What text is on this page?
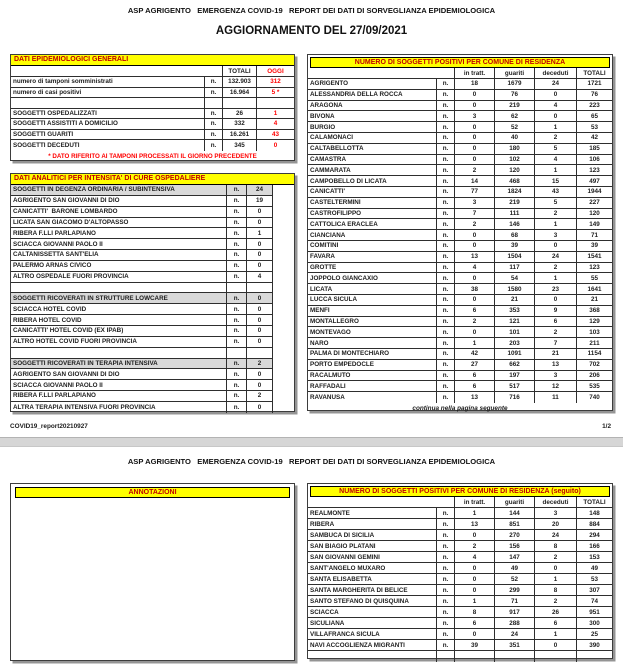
ASP AGRIGENTO   EMERGENZA COVID-19   REPORT DEI DATI DI SORVEGLIANZA EPIDEMIOLOGICA
AGGIORNAMENTO DEL 27/09/2021
DATI EPIDEMIOLOGICI GENERALI
TOTALI	OGGI
numero di tamponi somministrati	n.	132.903	312
numero di casi positivi	n.	16.964	5 *
SOGGETTI OSPEDALIZZATI	n.	26	1
SOGGETTI ASSISTITI A DOMICILIO	n.	332	4
SOGGETTI GUARITI	n.	16.261	43
SOGGETTI DECEDUTI	n.	345	0
* DATO RIFERITO AI TAMPONI PROCESSATI IL GIORNO PRECEDENTE
DATI ANALITICI PER INTENSITA' DI CURE OSPEDALIERE
SOGGETTI IN DEGENZA ORDINARIA / SUBINTENSIVA	n.	24
AGRIGENTO SAN GIOVANNI DI DIO	n.	19
CANICATTI'  BARONE LOMBARDO	n.	0
LICATA SAN GIACOMO D'ALTOPASSO	n.	0
RIBERA F.LLI PARLAPIANO	n.	1
SCIACCA GIOVANNI PAOLO II	n.	0
CALTANISSETTA SANT'ELIA	n.	0
PALERMO ARNAS CIVICO	n.	0
ALTRO OSPEDALE FUORI PROVINCIA	n.	4
SOGGETTI RICOVERATI IN STRUTTURE LOWCARE	n.	0
SCIACCA HOTEL COVID	n.	0
RIBERA HOTEL COVID	n.	0
CANICATTI' HOTEL COVID (EX IPAB)	n.	0
ALTRO HOTEL COVID FUORI PROVINCIA	n.	0
SOGGETTI RICOVERATI IN TERAPIA INTENSIVA	n.	2
AGRIGENTO SAN GIOVANNI DI DIO	n.	0
SCIACCA GIOVANNI PAOLO II	n.	0
RIBERA F.LLI PARLAPIANO	n.	2
ALTRA TERAPIA INTENSIVA FUORI PROVINCIA	n.	0
NUMERO DI SOGGETTI POSITIVI PER COMUNE DI RESIDENZA
in tratt.	guariti	deceduti	TOTALI
AGRIGENTO	n.	18	1679	24	1721
ALESSANDRIA DELLA ROCCA	n.	0	76	0	76
ARAGONA	n.	0	219	4	223
BIVONA	n.	3	62	0	65
BURGIO	n.	0	52	1	53
CALAMONACI	n.	0	40	2	42
CALTABELLOTTA	n.	0	180	5	185
CAMASTRA	n.	0	102	4	106
CAMMARATA	n.	2	120	1	123
CAMPOBELLO DI LICATA	n.	14	468	15	497
CANICATTI'	n.	77	1824	43	1944
CASTELTERMINI	n.	3	219	5	227
CASTROFILIPPO	n.	7	111	2	120
CATTOLICA ERACLEA	n.	2	146	1	149
CIANCIANA	n.	0	68	3	71
COMITINI	n.	0	39	0	39
FAVARA	n.	13	1504	24	1541
GROTTE	n.	4	117	2	123
JOPPOLO GIANCAXIO	n.	0	54	1	55
LICATA	n.	38	1580	23	1641
LUCCA SICULA	n.	0	21	0	21
MENFI	n.	6	353	9	368
MONTALLEGRO	n.	2	121	6	129
MONTEVAGO	n.	0	101	2	103
NARO	n.	1	203	7	211
PALMA DI MONTECHIARO	n.	42	1091	21	1154
PORTO EMPEDOCLE	n.	27	662	13	702
RACALMUTO	n.	6	197	3	206
RAFFADALI	n.	6	517	12	535
RAVANUSA	n.	13	716	11	740
continua nella pagina seguente
COVID19_report20210927	1/2
ASP AGRIGENTO   EMERGENZA COVID-19   REPORT DEI DATI DI SORVEGLIANZA EPIDEMIOLOGICA
ANNOTAZIONI	NUMERO DI SOGGETTI POSITIVI PER COMUNE DI RESIDENZA (seguito)
in tratt.	guariti	deceduti	TOTALI
REALMONTE	n.	1	144	3	148
RIBERA	n.	13	851	20	884
SAMBUCA DI SICILIA	n.	0	270	24	294
SAN BIAGIO PLATANI	n.	2	156	8	166
SAN GIOVANNI GEMINI	n.	4	147	2	153
SANT'ANGELO MUXARO	n.	0	49	0	49
SANTA ELISABETTA	n.	0	52	1	53
SANTA MARGHERITA DI BELICE	n.	0	299	8	307
SANTO STEFANO DI QUISQUINA	n.	1	71	2	74
SCIACCA	n.	8	917	26	951
SICULIANA	n.	6	288	6	300
VILLAFRANCA SICULA	n.	0	24	1	25
NAVI ACCOGLIENZA MIGRANTI	n.	39	351	0	390
